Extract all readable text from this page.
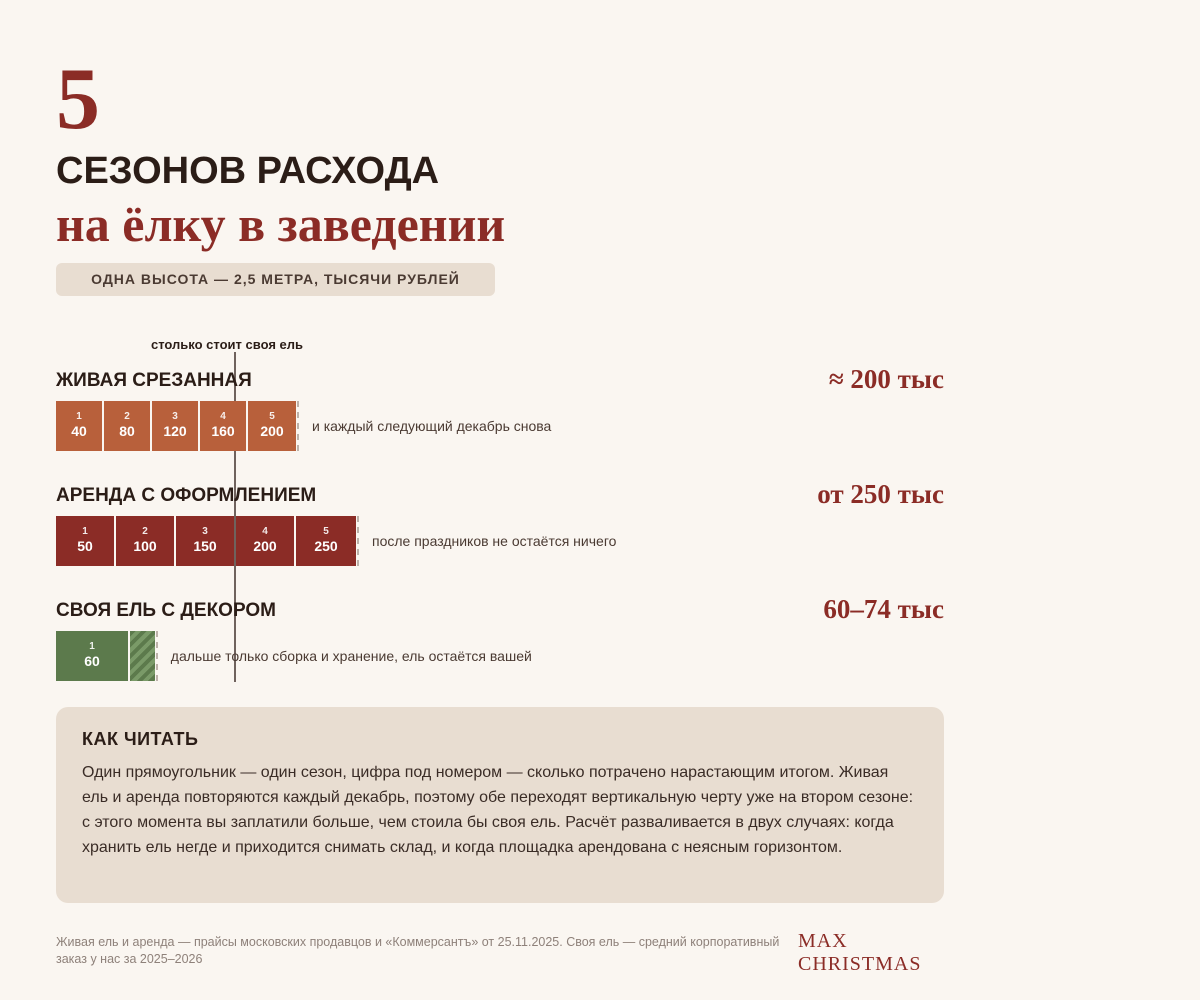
5
СЕЗОНОВ РАСХОДА
на ёлку в заведении
ОДНА ВЫСОТА — 2,5 МЕТРА, ТЫСЯЧИ РУБЛЕЙ
столько стоит своя ель
ЖИВАЯ СРЕЗАННАЯ	≈ 200 тыс
1
40
2
80
3
120
4
160
5
200	и каждый следующий декабрь снова
АРЕНДА С ОФОРМЛЕНИЕМ	от 250 тыс
1
50
2
100
3
150
4
200
5
250	после праздников не остаётся ничего
СВОЯ ЕЛЬ С ДЕКОРОМ	60–74 тыс
1
60	дальше только сборка и хранение, ель остаётся вашей
КАК ЧИТАТЬ
Один прямоугольник — один сезон, цифра под номером — сколько потрачено нарастающим итогом. Живая ель и аренда повторяются каждый декабрь, поэтому обе переходят вертикальную черту уже на втором сезоне: с этого момента вы заплатили больше, чем стоила бы своя ель. Расчёт разваливается в двух случаях: когда хранить ель негде и приходится снимать склад, и когда площадка арендована с неясным горизонтом.
Живая ель и аренда — прайсы московских продавцов и «Коммерсантъ» от 25.11.2025. Своя ель — средний корпоративный заказ у нас за 2025–2026
MAX
CHRISTMAS
